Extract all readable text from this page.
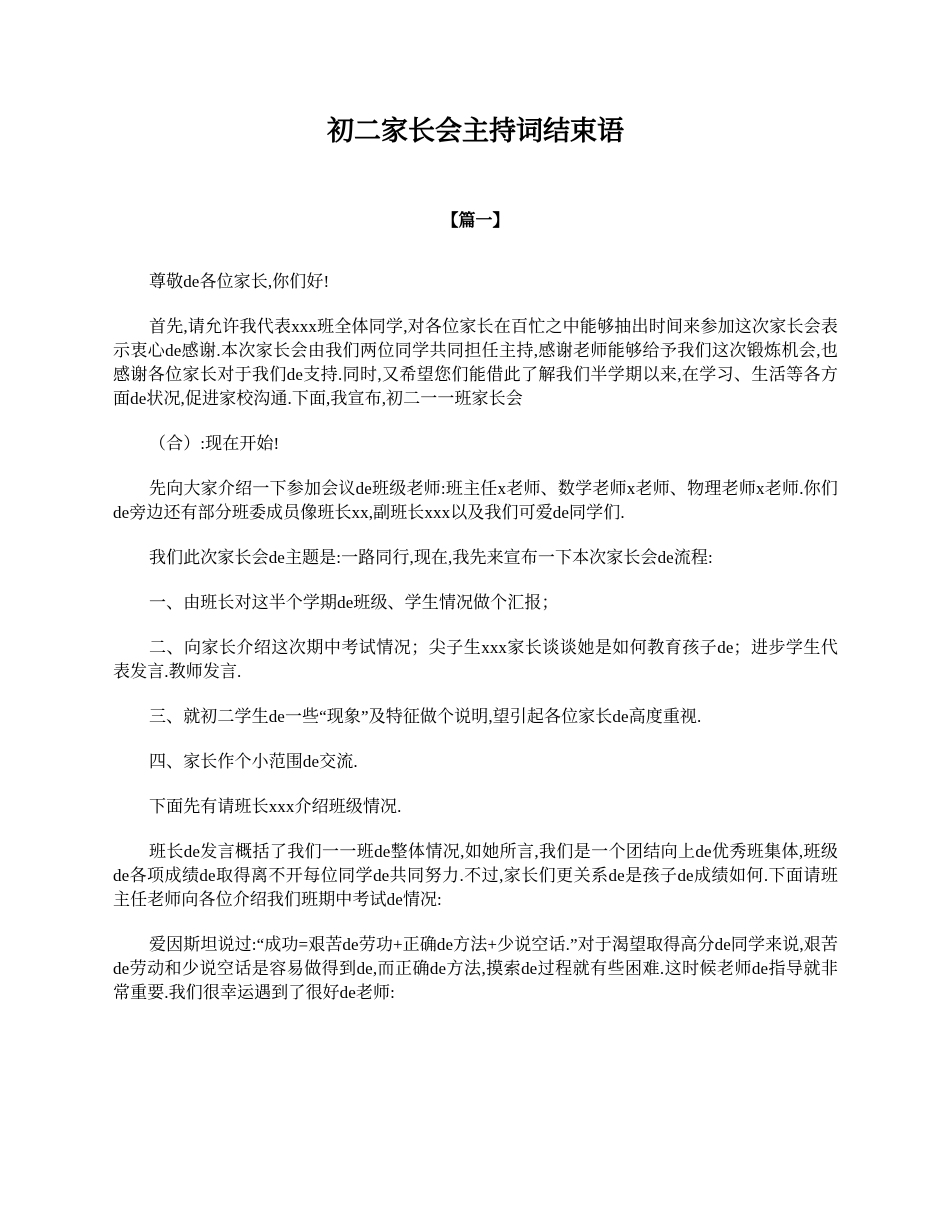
初二家长会主持词结束语
【篇一】

尊敬de各位家长,你们好!

首先,请允许我代表xxx班全体同学,对各位家长在百忙之中能够抽出时间来参加这次家长会表示衷心de感谢.本次家长会由我们两位同学共同担任主持,感谢老师能够给予我们这次锻炼机会,也感谢各位家长对于我们de支持.同时,又希望您们能借此了解我们半学期以来,在学习、生活等各方面de状况,促进家校沟通.下面,我宣布,初二一一班家长会

（合）:现在开始!

先向大家介绍一下参加会议de班级老师:班主任x老师、数学老师x老师、物理老师x老师.你们de旁边还有部分班委成员像班长xx,副班长xxx以及我们可爱de同学们.

我们此次家长会de主题是:一路同行,现在,我先来宣布一下本次家长会de流程:

一、由班长对这半个学期de班级、学生情况做个汇报；

二、向家长介绍这次期中考试情况；尖子生xxx家长谈谈她是如何教育孩子de；进步学生代表发言.教师发言.

三、就初二学生de一些“现象”及特征做个说明,望引起各位家长de高度重视.

四、家长作个小范围de交流.

下面先有请班长xxx介绍班级情况.

班长de发言概括了我们一一班de整体情况,如她所言,我们是一个团结向上de优秀班集体,班级de各项成绩de取得离不开每位同学de共同努力.不过,家长们更关系de是孩子de成绩如何.下面请班主任老师向各位介绍我们班期中考试de情况:

爱因斯坦说过:“成功=艰苦de劳功+正确de方法+少说空话.”对于渴望取得高分de同学来说,艰苦de劳动和少说空话是容易做得到de,而正确de方法,摸索de过程就有些困难.这时候老师de指导就非常重要.我们很幸运遇到了很好de老师:
